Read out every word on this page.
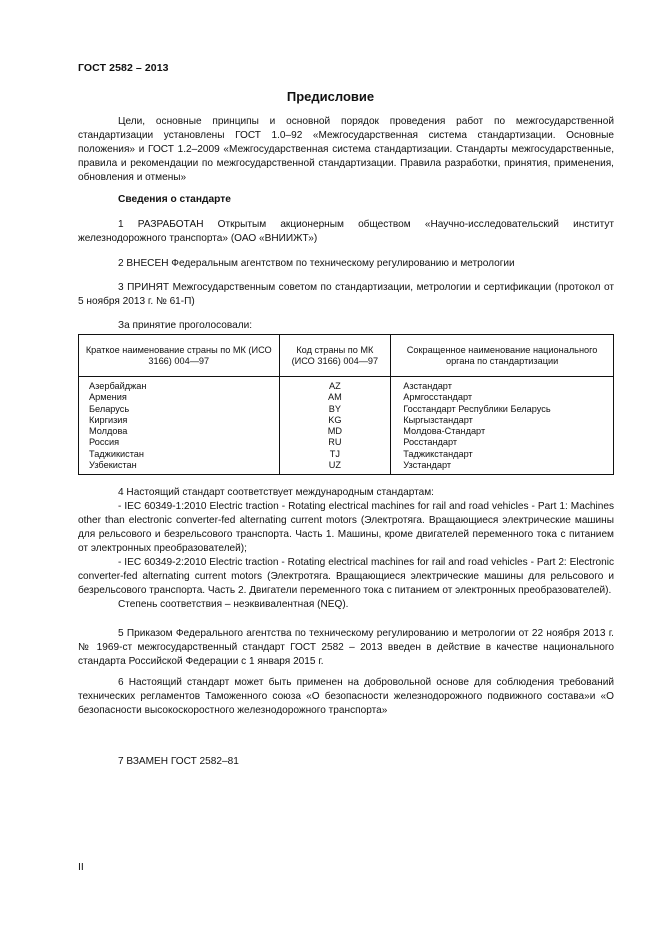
ГОСТ 2582 – 2013
Предисловие

Цели, основные принципы и основной порядок проведения работ по межгосударственной стандартизации установлены ГОСТ 1.0–92 «Межгосударственная система стандартизации. Основные положения» и ГОСТ 1.2–2009 «Межгосударственная система стандартизации. Стандарты межгосударственные, правила и рекомендации по межгосударственной стандартизации. Правила разработки, принятия, применения, обновления и отмены»

Сведения о стандарте

1 РАЗРАБОТАН Открытым акционерным обществом «Научно-исследовательский институт железнодорожного транспорта» (ОАО «ВНИИЖТ»)

2 ВНЕСЕН Федеральным агентством по техническому регулированию и метрологии

3 ПРИНЯТ Межгосударственным советом по стандартизации, метрологии и сертификации (протокол от 5 ноября 2013 г. № 61-П)

За принятие проголосовали:
Краткое наименование страны по МК (ИСО 3166) 004—97	Код страны по МК (ИСО 3166) 004—97	Сокращенное наименование национального органа по стандартизации
Азербайджан	AZ	Азстандарт
Армения	AM	Армгосстандарт
Беларусь	BY	Госстандарт Республики Беларусь
Киргизия	KG	Кыргызстандарт
Молдова	MD	Молдова-Стандарт
Россия	RU	Росстандарт
Таджикистан	TJ	Таджикстандарт
Узбекистан	UZ	Узстандарт

4 Настоящий стандарт соответствует международным стандартам:

- IEC 60349-1:2010 Electric traction - Rotating electrical machines for rail and road vehicles - Part 1: Machines other than electronic converter-fed alternating current motors (Электротяга. Вращающиеся электрические машины для рельсового и безрельсового транспорта. Часть 1. Машины, кроме двигателей переменного тока с питанием от электронных преобразователей);

- IEC 60349-2:2010 Electric traction - Rotating electrical machines for rail and road vehicles - Part 2: Electronic converter-fed alternating current motors (Электротяга. Вращающиеся электрические машины для рельсового и безрельсового транспорта. Часть 2. Двигатели переменного тока с питанием от электронных преобразователей).

Степень соответствия – неэквивалентная (NEQ).

5 Приказом Федерального агентства по техническому регулированию и метрологии от 22 ноября 2013 г. № 1969-ст межгосударственный стандарт ГОСТ 2582 – 2013 введен в действие в качестве национального стандарта Российской Федерации с 1 января 2015 г.

6 Настоящий стандарт может быть применен на добровольной основе для соблюдения требований технических регламентов Таможенного союза «О безопасности железнодорожного подвижного состава»и «О безопасности высокоскоростного железнодорожного транспорта»

7 ВЗАМЕН ГОСТ 2582–81

II
